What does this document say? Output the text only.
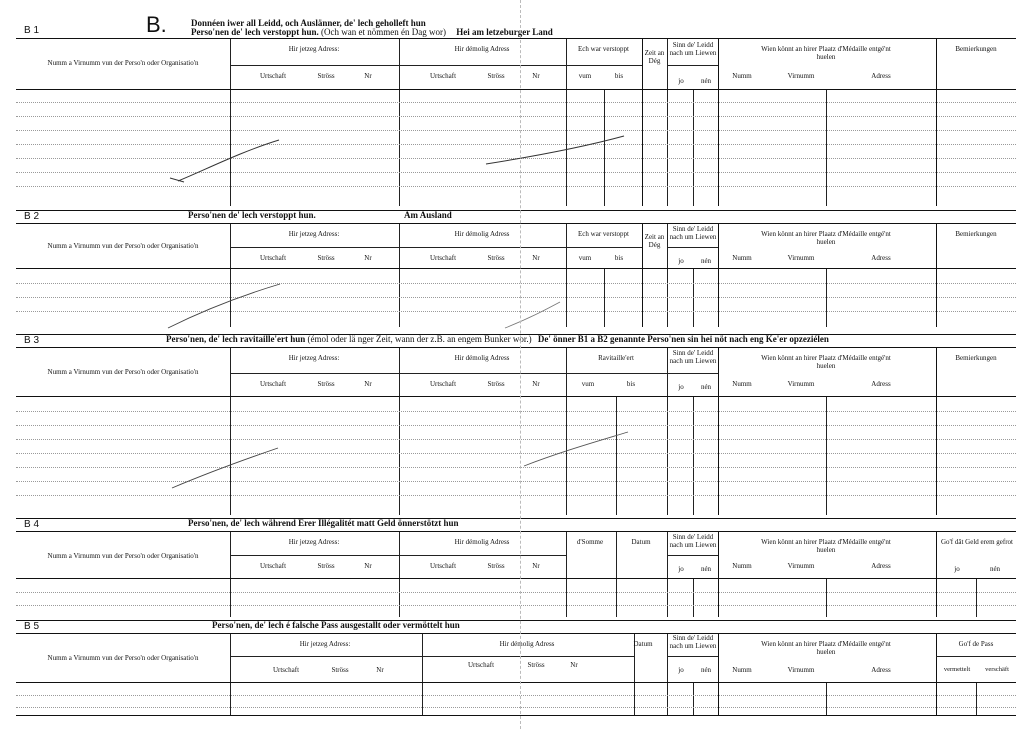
B.	Donnéen iwer all Leidd, och Auslänner, de' lech geholleft hun
Perso'nen de' lech verstoppt hun. (Och wan et nömmen én Dag wor) Hei am letzeburger Land
B 1
Numm a Virnumm vun der Perso'n oder Organisatio'n
Hir jetzeg Adress:
Urtschaft	Ströss	Nr
Hir démolig Adress
Urtschaft	Ströss	Nr
Ech war verstoppt
vum	bis
Zeit an Dég
Sinn de' Leidd nach um Liewen
jo	nén
Wien könnt an hirer Plaatz d'Médaille entgé'nt huelen
Numm	Virnumm	Adress
Bemierkungen
B 2	Perso'nen de' lech verstoppt hun.	Am Ausland
Numm a Virnumm vun der Perso'n oder Organisatio'n
Hir jetzeg Adress:
Urtschaft	Ströss	Nr
Hir démolig Adress
Urtschaft	Ströss	Nr
Ech war verstoppt
vum	bis
Zeit an Dég
Sinn de' Leidd nach um Liewen
jo	nén
Wien könnt an hirer Plaatz d'Médaille entgé'nt huelen
Numm	Virnumm	Adress
Bemierkungen
B 3	Perso'nen, de' lech ravitaille'ert hun (émol oder lä nger Zeit, wann der z.B. an engem Bunker wor.) De' önner B1 a B2 genannte Perso'nen sin hei nöt nach eng Ke'er opzeziélen
Numm a Virnumm vun der Perso'n oder Organisatio'n
Hir jetzeg Adress:
Urtschaft	Ströss	Nr
Hir démolig Adress
Urtschaft	Ströss	Nr
Ravitaille'ert
vum	bis
Sinn de' Leidd nach um Liewen
jo	nén
Wien könnt an hirer Plaatz d'Médaille entgé'nt huelen
Numm	Virnumm	Adress
Bemierkungen
B 4	Perso'nen, de' lech während Erer Illégalitét matt Geld önnerstötzt hun
Numm a Virnumm vun der Perso'n oder Organisatio'n
Hir jetzeg Adress:
Urtschaft	Ströss	Nr
Hir démolig Adress
Urtschaft	Ströss	Nr
d'Somme	Datum
Sinn de' Leidd nach um Liewen
jo	nén
Wien könnt an hirer Plaatz d'Médaille entgé'nt huelen
Numm	Virnumm	Adress
Go'f dât Geld erem gefrot
jo	nén
B 5	Perso'nen, de' lech é falsche Pass ausgestallt oder vermöttelt hun
Numm a Virnumm vun der Perso'n oder Organisatio'n
Hir jetzeg Adress:
Urtschaft	Ströss	Nr
Hir démolig Adress
Urtschaft	Ströss	Nr
Datum
Sinn de' Leidd nach um Liewen
jo	nén
Wien könnt an hirer Plaatz d'Médaille entgé'nt huelen
Numm	Virnumm	Adress
Go'f de Pass
vermettelt	verschäft
